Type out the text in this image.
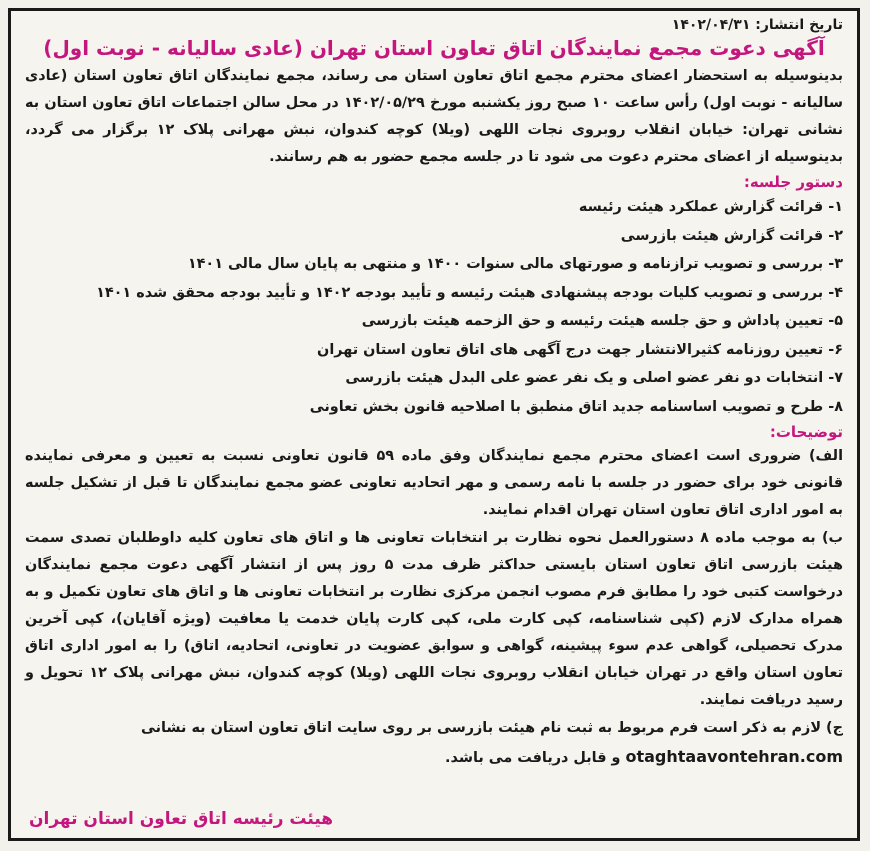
تاریخ انتشار: ۱۴۰۲/۰۴/۳۱

آگهی دعوت مجمع نمایندگان اتاق تعاون استان تهران (عادی سالیانه - نوبت اول)

بدینوسیله به استحضار اعضای محترم مجمع اتاق تعاون استان می رساند، مجمع نمایندگان اتاق تعاون استان (عادی سالیانه - نوبت اول) رأس ساعت ۱۰ صبح روز یکشنبه مورخ ۱۴۰۲/۰۵/۲۹ در محل سالن اجتماعات اتاق تعاون استان به نشانی تهران: خیابان انقلاب روبروی نجات اللهی (ویلا) کوچه کندوان، نبش مهرانی پلاک ۱۲ برگزار می گردد، بدینوسیله از اعضای محترم دعوت می شود تا در جلسه مجمع حضور به هم رسانند.

دستور جلسه:

۱- قرائت گزارش عملکرد هیئت رئیسه
۲- قرائت گزارش هیئت بازرسی
۳- بررسی و تصویب ترازنامه و صورتهای مالی سنوات ۱۴۰۰ و منتهی به پایان سال مالی ۱۴۰۱
۴- بررسی و تصویب کلیات بودجه پیشنهادی هیئت رئیسه و تأیید بودجه ۱۴۰۲ و تأیید بودجه محقق شده ۱۴۰۱
۵- تعیین پاداش و حق جلسه هیئت رئیسه و حق الزحمه هیئت بازرسی
۶- تعیین روزنامه کثیرالانتشار جهت درج آگهی های اتاق تعاون استان تهران
۷- انتخابات دو نفر عضو اصلی و یک نفر عضو علی البدل هیئت بازرسی
۸- طرح و تصویب اساسنامه جدید اتاق منطبق با اصلاحیه قانون بخش تعاونی

توضیحات:

الف) ضروری است اعضای محترم مجمع نمایندگان وفق ماده ۵۹ قانون تعاونی نسبت به تعیین و معرفی نماینده قانونی خود برای حضور در جلسه با نامه رسمی و مهر اتحادیه تعاونی عضو مجمع نمایندگان تا قبل از تشکیل جلسه به امور اداری اتاق تعاون استان تهران اقدام نمایند.

ب) به موجب ماده ۸ دستورالعمل نحوه نظارت بر انتخابات تعاونی ها و اتاق های تعاون کلیه داوطلبان تصدی سمت هیئت بازرسی اتاق تعاون استان بایستی حداکثر ظرف مدت ۵ روز پس از انتشار آگهی دعوت مجمع نمایندگان درخواست کتبی خود را مطابق فرم مصوب انجمن مرکزی نظارت بر انتخابات تعاونی ها و اتاق های تعاون تکمیل و به همراه مدارک لازم (کپی شناسنامه، کپی کارت ملی، کپی کارت پایان خدمت یا معافیت (ویژه آقایان)، کپی آخرین مدرک تحصیلی، گواهی عدم سوء پیشینه، گواهی و سوابق عضویت در تعاونی، اتحادیه، اتاق) را به امور اداری اتاق تعاون استان واقع در تهران خیابان انقلاب روبروی نجات اللهی (ویلا) کوچه کندوان، نبش مهرانی پلاک ۱۲ تحویل و رسید دریافت نمایند.

ج) لازم به ذکر است فرم مربوط به ثبت نام هیئت بازرسی بر روی سایت اتاق تعاون استان به نشانی

otaghtaavontehran.com و قابل دریافت می باشد.

هیئت رئیسه اتاق تعاون استان تهران
